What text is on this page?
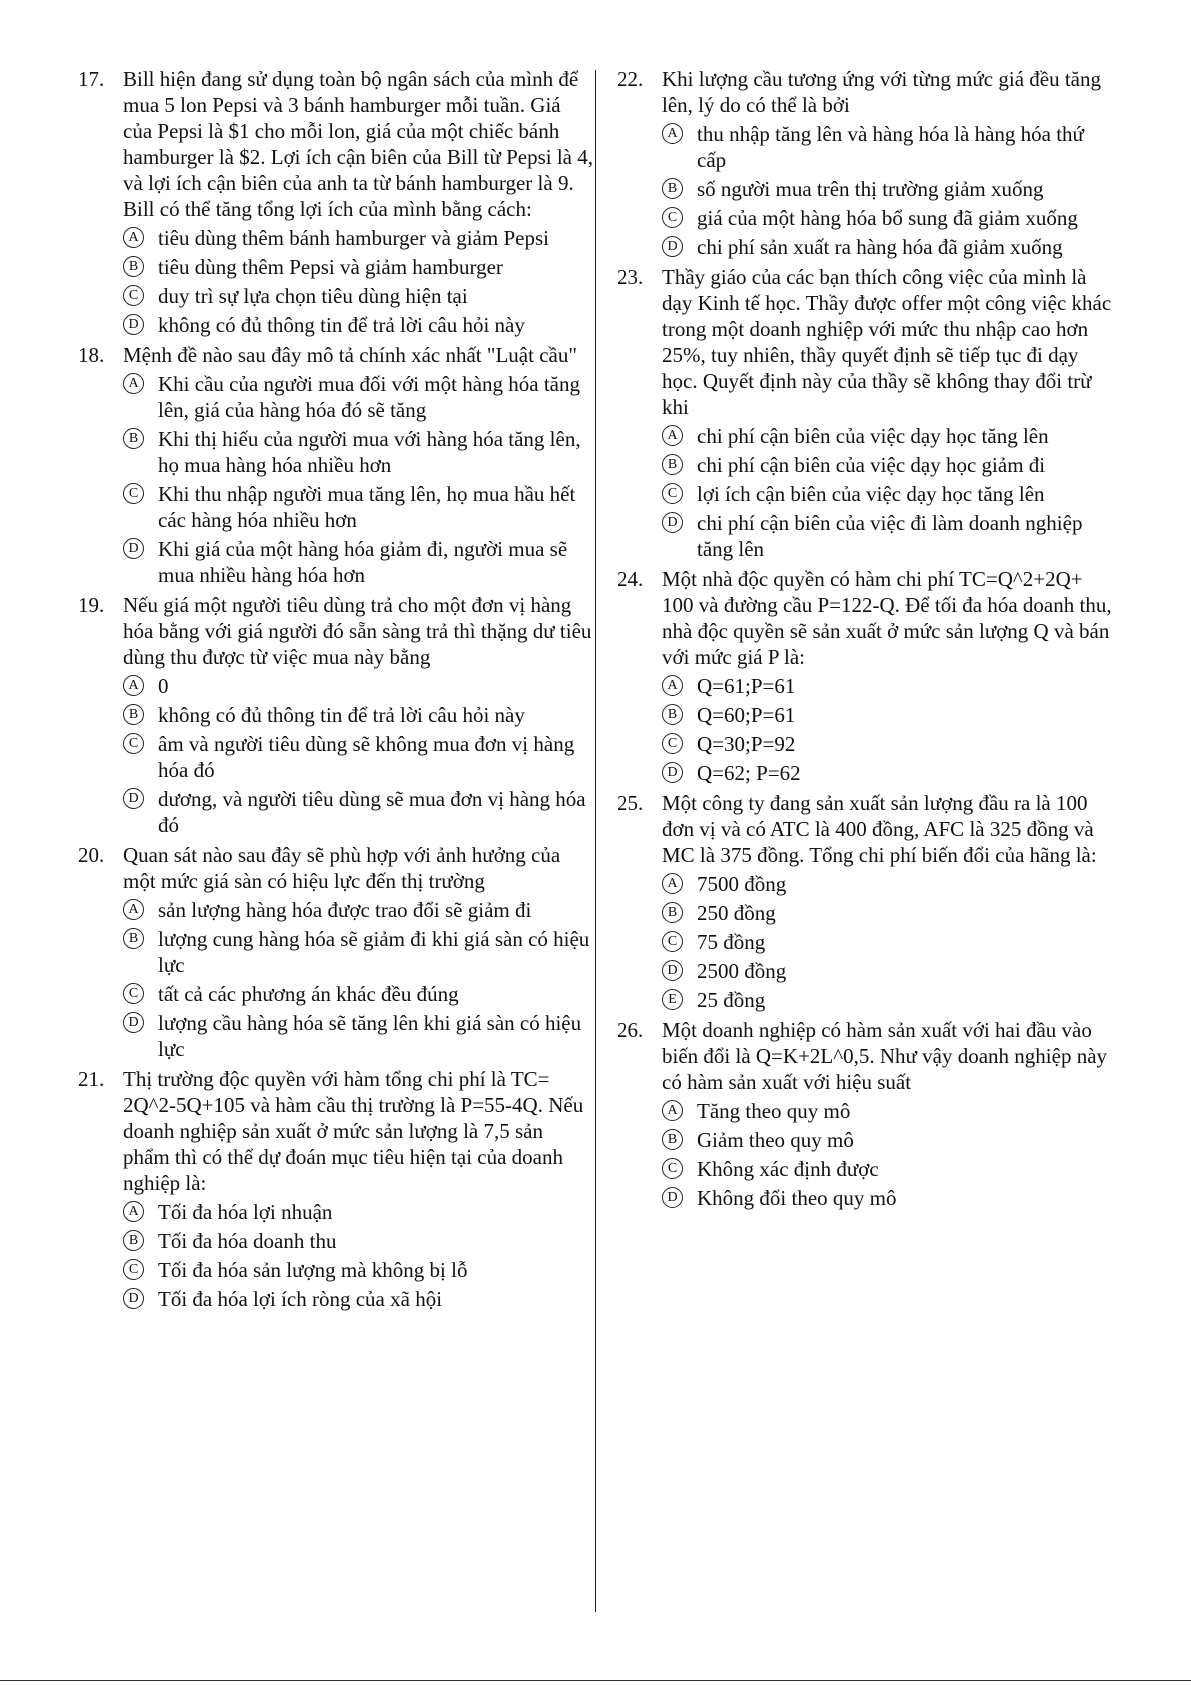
17. Bill hiện đang sử dụng toàn bộ ngân sách của mình để mua 5 lon Pepsi và 3 bánh hamburger mỗi tuần. Giá của Pepsi là $1 cho mỗi lon, giá của một chiếc bánh hamburger là $2. Lợi ích cận biên của Bill từ Pepsi là 4, và lợi ích cận biên của anh ta từ bánh hamburger là 9. Bill có thể tăng tổng lợi ích của mình bằng cách:
A tiêu dùng thêm bánh hamburger và giảm Pepsi
B tiêu dùng thêm Pepsi và giảm hamburger
C duy trì sự lựa chọn tiêu dùng hiện tại
D không có đủ thông tin để trả lời câu hỏi này
18. Mệnh đề nào sau đây mô tả chính xác nhất "Luật cầu"
A Khi cầu của người mua đối với một hàng hóa tăng lên, giá của hàng hóa đó sẽ tăng
B Khi thị hiếu của người mua với hàng hóa tăng lên, họ mua hàng hóa nhiều hơn
C Khi thu nhập người mua tăng lên, họ mua hầu hết các hàng hóa nhiều hơn
D Khi giá của một hàng hóa giảm đi, người mua sẽ mua nhiều hàng hóa hơn
19. Nếu giá một người tiêu dùng trả cho một đơn vị hàng hóa bằng với giá người đó sẵn sàng trả thì thặng dư tiêu dùng thu được từ việc mua này bằng
A 0
B không có đủ thông tin để trả lời câu hỏi này
C âm và người tiêu dùng sẽ không mua đơn vị hàng hóa đó
D dương, và người tiêu dùng sẽ mua đơn vị hàng hóa đó
20. Quan sát nào sau đây sẽ phù hợp với ảnh hưởng của một mức giá sàn có hiệu lực đến thị trường
A sản lượng hàng hóa được trao đổi sẽ giảm đi
B lượng cung hàng hóa sẽ giảm đi khi giá sàn có hiệu lực
C tất cả các phương án khác đều đúng
D lượng cầu hàng hóa sẽ tăng lên khi giá sàn có hiệu lực
21. Thị trường độc quyền với hàm tổng chi phí là TC= 2Q^2-5Q+105 và hàm cầu thị trường là P=55-4Q. Nếu doanh nghiệp sản xuất ở mức sản lượng là 7,5 sản phẩm thì có thể dự đoán mục tiêu hiện tại của doanh nghiệp là:
A Tối đa hóa lợi nhuận
B Tối đa hóa doanh thu
C Tối đa hóa sản lượng mà không bị lỗ
D Tối đa hóa lợi ích ròng của xã hội
22. Khi lượng cầu tương ứng với từng mức giá đều tăng lên, lý do có thể là bởi
A thu nhập tăng lên và hàng hóa là hàng hóa thứ cấp
B số người mua trên thị trường giảm xuống
C giá của một hàng hóa bổ sung đã giảm xuống
D chi phí sản xuất ra hàng hóa đã giảm xuống
23. Thầy giáo của các bạn thích công việc của mình là dạy Kinh tế học. Thầy được offer một công việc khác trong một doanh nghiệp với mức thu nhập cao hơn 25%, tuy nhiên, thầy quyết định sẽ tiếp tục đi dạy học. Quyết định này của thầy sẽ không thay đổi trừ khi
A chi phí cận biên của việc dạy học tăng lên
B chi phí cận biên của việc dạy học giảm đi
C lợi ích cận biên của việc dạy học tăng lên
D chi phí cận biên của việc đi làm doanh nghiệp tăng lên
24. Một nhà độc quyền có hàm chi phí TC=Q^2+2Q+ 100 và đường cầu P=122-Q. Để tối đa hóa doanh thu, nhà độc quyền sẽ sản xuất ở mức sản lượng Q và bán với mức giá P là:
A Q=61;P=61
B Q=60;P=61
C Q=30;P=92
D Q=62; P=62
25. Một công ty đang sản xuất sản lượng đầu ra là 100 đơn vị và có ATC là 400 đồng, AFC là 325 đồng và MC là 375 đồng. Tổng chi phí biến đổi của hãng là:
A 7500 đồng
B 250 đồng
C 75 đồng
D 2500 đồng
E 25 đồng
26. Một doanh nghiệp có hàm sản xuất với hai đầu vào biến đổi là Q=K+2L^0,5. Như vậy doanh nghiệp này có hàm sản xuất với hiệu suất
A Tăng theo quy mô
B Giảm theo quy mô
C Không xác định được
D Không đổi theo quy mô
